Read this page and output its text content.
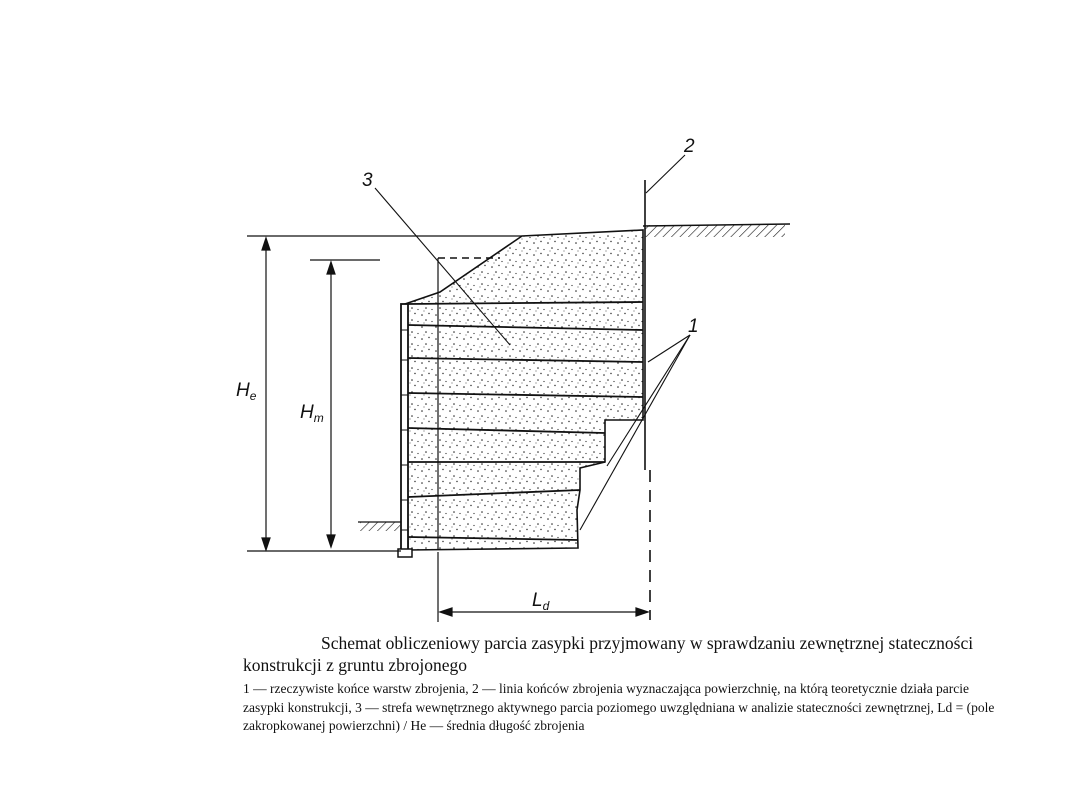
$H_e$
$H_m$
$L_d$
1
2
3
Schemat obliczeniowy parcia zasypki przyjmowany w sprawdzaniu zewnętrznej stateczności konstrukcji z gruntu zbrojonego
1 — rzeczywiste końce warstw zbrojenia, 2 — linia końców zbrojenia wyznaczająca powierzchnię, na którą teoretycznie działa parcie zasypki konstrukcji, 3 — strefa wewnętrznego aktywnego parcia poziomego uwzględniana w analizie stateczności zewnętrznej, Ld = (pole zakropkowanej powierzchni) / He — średnia długość zbrojenia
